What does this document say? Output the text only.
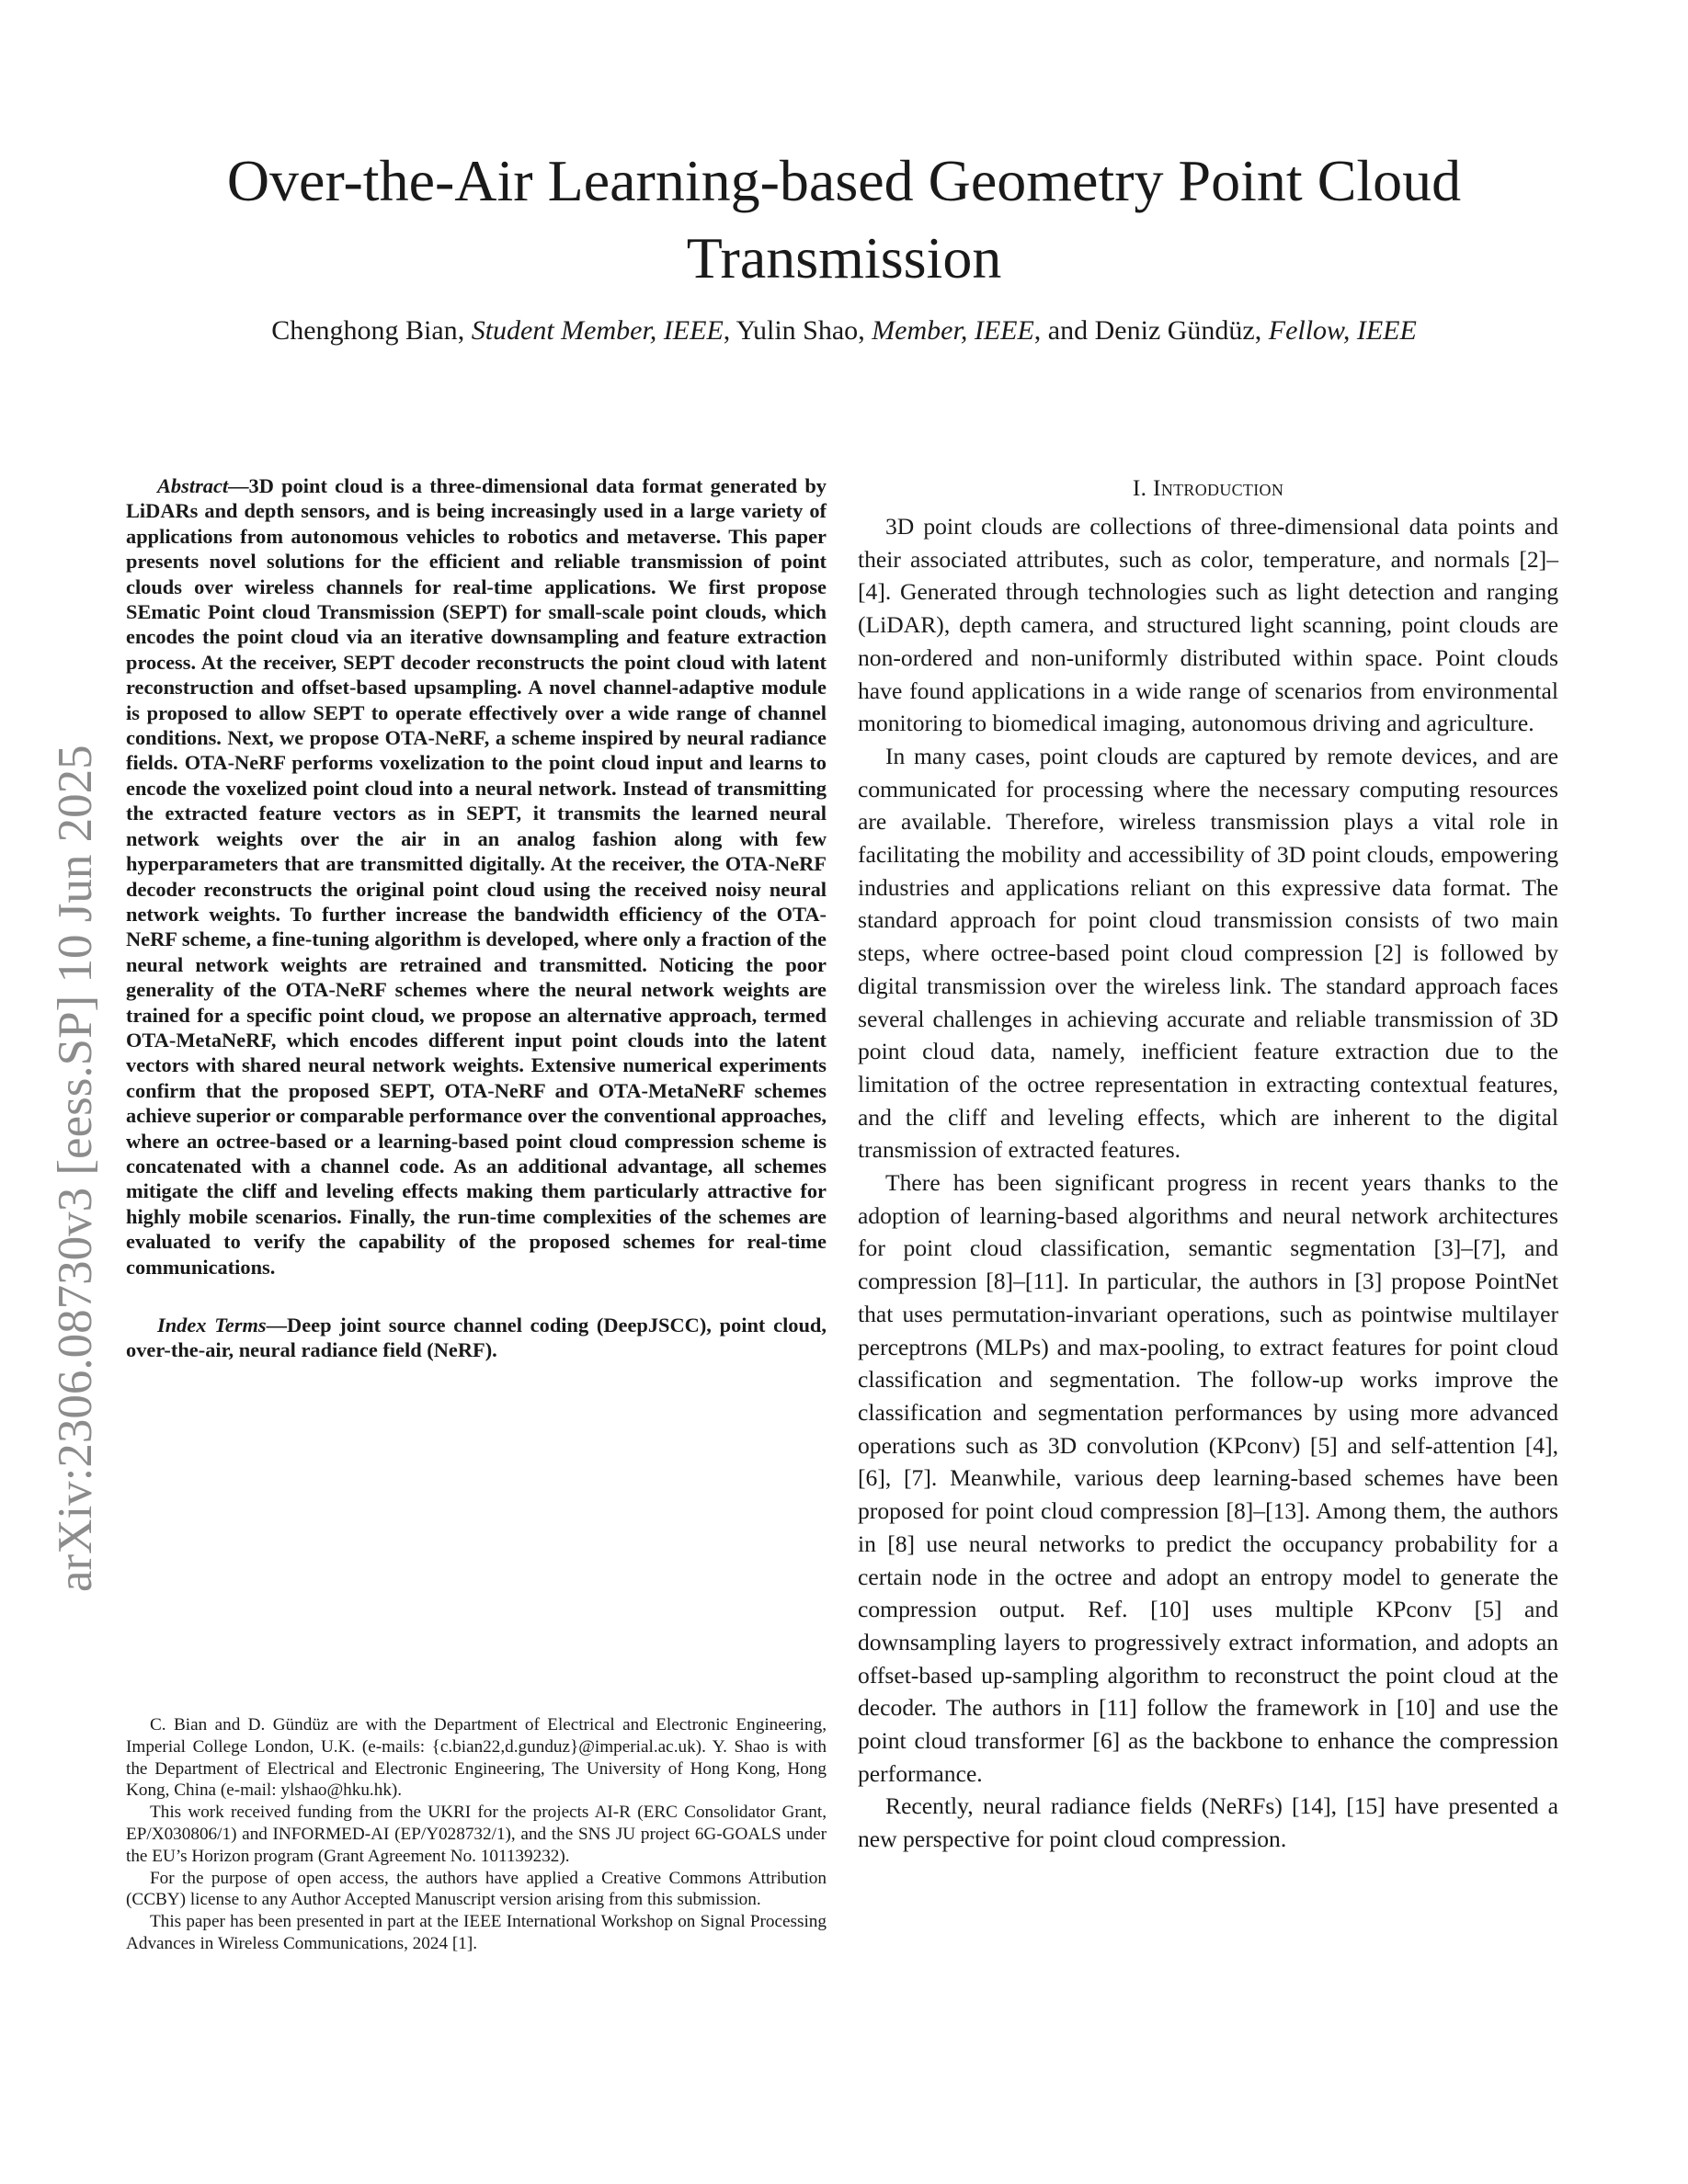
Over-the-Air Learning-based Geometry Point Cloud Transmission
Chenghong Bian, Student Member, IEEE, Yulin Shao, Member, IEEE, and Deniz Gündüz, Fellow, IEEE
arXiv:2306.08730v3 [eess.SP] 10 Jun 2025

Abstract—3D point cloud is a three-dimensional data format generated by LiDARs and depth sensors, and is being increasingly used in a large variety of applications from autonomous vehicles to robotics and metaverse. This paper presents novel solutions for the efficient and reliable transmission of point clouds over wireless channels for real-time applications. We first propose SEmatic Point cloud Transmission (SEPT) for small-scale point clouds, which encodes the point cloud via an iterative downsampling and feature extraction process. At the receiver, SEPT decoder reconstructs the point cloud with latent reconstruction and offset-based upsampling. A novel channel-adaptive module is proposed to allow SEPT to operate effectively over a wide range of channel conditions. Next, we propose OTA-NeRF, a scheme inspired by neural radiance fields. OTA-NeRF performs voxelization to the point cloud input and learns to encode the voxelized point cloud into a neural network. Instead of transmitting the extracted feature vectors as in SEPT, it transmits the learned neural network weights over the air in an analog fashion along with few hyperparameters that are transmitted digitally. At the receiver, the OTA-NeRF decoder reconstructs the original point cloud using the received noisy neural network weights. To further increase the bandwidth efficiency of the OTA-NeRF scheme, a fine-tuning algorithm is developed, where only a fraction of the neural network weights are retrained and transmitted. Noticing the poor generality of the OTA-NeRF schemes where the neural network weights are trained for a specific point cloud, we propose an alternative approach, termed OTA-MetaNeRF, which encodes different input point clouds into the latent vectors with shared neural network weights. Extensive numerical experiments confirm that the proposed SEPT, OTA-NeRF and OTA-MetaNeRF schemes achieve superior or comparable performance over the conventional approaches, where an octree-based or a learning-based point cloud compression scheme is concatenated with a channel code. As an additional advantage, all schemes mitigate the cliff and leveling effects making them particularly attractive for highly mobile scenarios. Finally, the run-time complexities of the schemes are evaluated to verify the capability of the proposed schemes for real-time communications.

Index Terms—Deep joint source channel coding (DeepJSCC), point cloud, over-the-air, neural radiance field (NeRF).

C. Bian and D. Gündüz are with the Department of Electrical and Electronic Engineering, Imperial College London, U.K. (e-mails: {c.bian22,d.gunduz}@imperial.ac.uk). Y. Shao is with the Department of Electrical and Electronic Engineering, The University of Hong Kong, Hong Kong, China (e-mail: ylshao@hku.hk).

This work received funding from the UKRI for the projects AI-R (ERC Consolidator Grant, EP/X030806/1) and INFORMED-AI (EP/Y028732/1), and the SNS JU project 6G-GOALS under the EU’s Horizon program (Grant Agreement No. 101139232).

For the purpose of open access, the authors have applied a Creative Commons Attribution (CCBY) license to any Author Accepted Manuscript version arising from this submission.

This paper has been presented in part at the IEEE International Workshop on Signal Processing Advances in Wireless Communications, 2024 [1].

I. Introduction

3D point clouds are collections of three-dimensional data points and their associated attributes, such as color, temperature, and normals [2]–[4]. Generated through technologies such as light detection and ranging (LiDAR), depth camera, and structured light scanning, point clouds are non-ordered and non-uniformly distributed within space. Point clouds have found applications in a wide range of scenarios from environmental monitoring to biomedical imaging, autonomous driving and agriculture.

In many cases, point clouds are captured by remote devices, and are communicated for processing where the necessary computing resources are available. Therefore, wireless transmission plays a vital role in facilitating the mobility and accessibility of 3D point clouds, empowering industries and applications reliant on this expressive data format. The standard approach for point cloud transmission consists of two main steps, where octree-based point cloud compression [2] is followed by digital transmission over the wireless link. The standard approach faces several challenges in achieving accurate and reliable transmission of 3D point cloud data, namely, inefficient feature extraction due to the limitation of the octree representation in extracting contextual features, and the cliff and leveling effects, which are inherent to the digital transmission of extracted features.

There has been significant progress in recent years thanks to the adoption of learning-based algorithms and neural network architectures for point cloud classification, semantic segmentation [3]–[7], and compression [8]–[11]. In particular, the authors in [3] propose PointNet that uses permutation-invariant operations, such as pointwise multilayer perceptrons (MLPs) and max-pooling, to extract features for point cloud classification and segmentation. The follow-up works improve the classification and segmentation performances by using more advanced operations such as 3D convolution (KPconv) [5] and self-attention [4], [6], [7]. Meanwhile, various deep learning-based schemes have been proposed for point cloud compression [8]–[13]. Among them, the authors in [8] use neural networks to predict the occupancy probability for a certain node in the octree and adopt an entropy model to generate the compression output. Ref. [10] uses multiple KPconv [5] and downsampling layers to progressively extract information, and adopts an offset-based up-sampling algorithm to reconstruct the point cloud at the decoder. The authors in [11] follow the framework in [10] and use the point cloud transformer [6] as the backbone to enhance the compression performance.

Recently, neural radiance fields (NeRFs) [14], [15] have presented a new perspective for point cloud compression.
